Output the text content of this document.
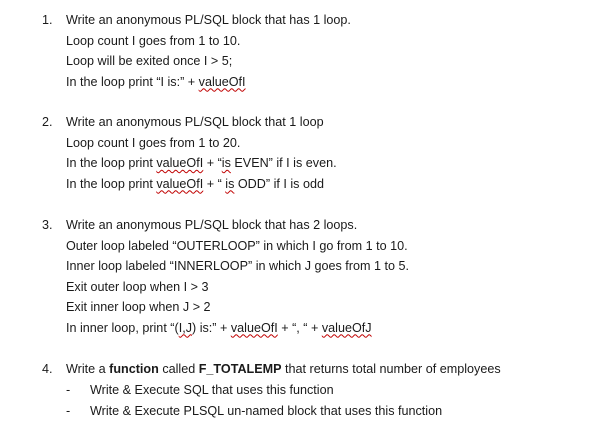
1. Write an anonymous PL/SQL block that has 1 loop.
Loop count I goes from 1 to 10.
Loop will be exited once I > 5;
In the loop print “I is:” + valueOfI
2. Write an anonymous PL/SQL block that 1 loop
Loop count I goes from 1 to 20.
In the loop print valueOfI + “is EVEN” if I is even.
In the loop print valueOfI + “ is ODD” if I is odd
3. Write an anonymous PL/SQL block that has 2 loops.
Outer loop labeled “OUTERLOOP” in which I go from 1 to 10.
Inner loop labeled “INNERLOOP” in which J goes from 1 to 5.
Exit outer loop when I > 3
Exit inner loop when J > 2
In inner loop, print “(I,J) is:” + valueOfI + “, “ + valueOfJ
4. Write a function called F_TOTALEMP that returns total number of employees
- Write & Execute SQL that uses this function
- Write & Execute PLSQL un-named block that uses this function
